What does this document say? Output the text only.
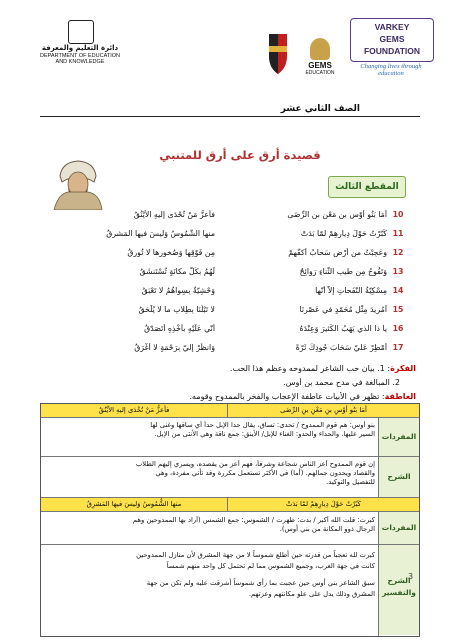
دائرة التعليم والمعرفة
DEPARTMENT OF EDUCATION
AND KNOWLEDGE	GEMS
EDUCATION
VARKEY
GEMS
FOUNDATION
Changing lives through education
الصف الثاني عشر
قصيدة أرق على أرق للمتنبي
المقطع الثالث
10
أمَا بَنُو أوْسِ بنِ مَعْنِ بنِ الرِّضَى
فأعزُّ مَنْ تُحْدَى إليهِ الأيْنُقُ
11
كَبّرْتُ حَوْلَ دِيارِهِمْ لمّا بَدَتْ
منها الشُّمُوسُ وَليسَ فيها المَشرِقُ
12
وعَجِبْتُ من أرْضٍ سَحابُ أكفّهمْ
مِن فَوْقِها وَصُخورِها لا تُورِقُ
13
وَتَفُوحُ مِن طيبِ الثّناءِ رَوائِحٌ
لَهُمُ بكُلّ مكانَةٍ تُسْتَنشَقُ
14
مِسْكِيّةُ النّفَحاتِ إلاّ أنّها
وَحْشِيّةٌ بِسِواهُمُ لا تَعْبَقُ
15
أمُريدَ مِثْلِ مُحَمّدٍ في عَصْرِنَا
لا تَبْلُنَا بِطِلابِ ما لا يُلْحَقُ
16
يا ذا الذي يَهَبُ الكَثيرَ وَعِنْدَهُ
أنّي عَلَيْهِ بأخْذِهِ أتَصَدّقُ
17
أمْطِرْ عَليّ سَحَابَ جُودِكَ ثَرّةً
وَانظُرْ إليّ بِرَحْمَةٍ لا أغْرَقُ
الفكرة: 1. بيان حب الشاعر لممدوحه وعظم هذا الحب.
2. المبالغة في مدح محمد بن أوس.
العاطفة: تظهر في الأبيات عاطفة الإعجاب والفخر بالممدوح وقومه.
فأعزُّ مَنْ تُحْدَى إليهِ الأيْنُقُ	أمَا بَنُو أوْسِ بنِ مَعْنِ بنِ الرِّضَى
المفردات
بنو أوس: هم قوم الممدوح / تحدى: تساق، يقال حدا الإبل حداً أي ساقها وغنى لها
السير عليها. والحداء والحدو: الغناء للإبل/ الأينق: جمع ناقة وهي الأنثى من الإبل.
الشرح
إن قوم الممدوح أعز الناس شجاعة وشرفاً، فهم أعز من يقصده، ويسري إليهم الطلاب
والقصاد ويحدون جمالهم. (أما) في الأكثر تستعمل مكررة وقد تأتي مفردة، وهي
للتفصيل والتوكيد.
منها الشُّمُوسُ وَليسَ فيها المَشرِقُ	كَبّرْتُ حَوْلَ دِيارِهِمْ لمّا بَدَتْ
المفردات
كبرت: قلت الله أكبر / بدت: ظهرت / الشموس: جمع الشمس (أراد بها الممدوحين وهم
الرجال ذوو المكانة من بني أوس).
الشرح والتفسير
كبرت لله تعجباً من قدرته حين أطلع شموساً لا من جهة المشرق لأن منازل الممدوحين
كانت في جهة الغرب، وجميع الشموس مما لم تحتمل كل واحد منهم شمساً
سبق الشاعر بني أوس حين عجبت بما رأى شموساً أشرقت عليه ولم تكن من جهة
المشرق وذلك يدل على علو مكانتهم وعزتهم.
3
